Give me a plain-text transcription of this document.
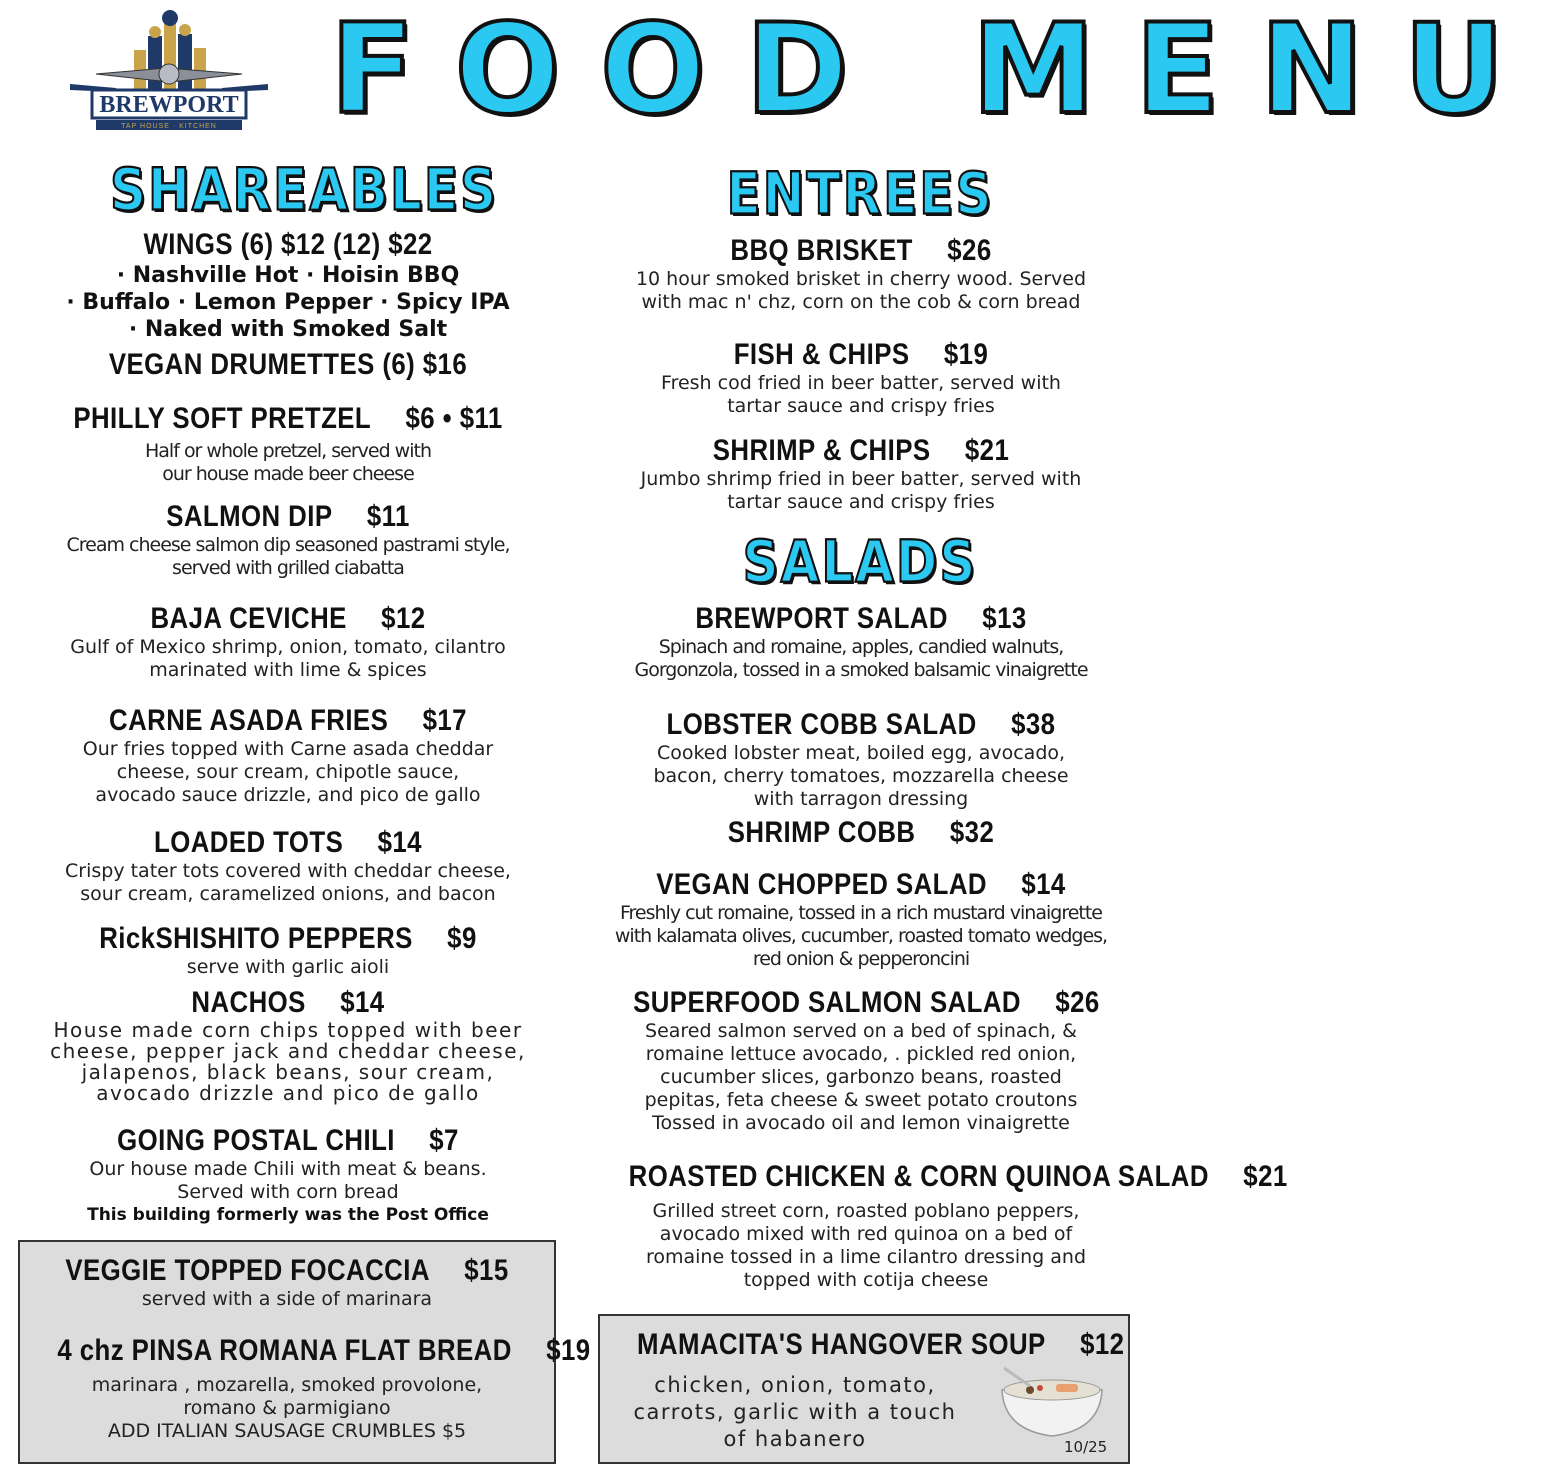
BREWPORT
TAP HOUSE · KITCHEN FOOD MENU
SHAREABLES
WINGS (6) $12 (12) $22
· Nashville Hot · Hoisin BBQ
· Buffalo · Lemon Pepper · Spicy IPA
· Naked with Smoked Salt
VEGAN DRUMETTES (6) $16
PHILLY SOFT PRETZEL $6 • $11
Half or whole pretzel, served with
our house made beer cheese
SALMON DIP $11
Cream cheese salmon dip seasoned pastrami style,
served with grilled ciabatta
BAJA CEVICHE $12
Gulf of Mexico shrimp, onion, tomato, cilantro
marinated with lime & spices
CARNE ASADA FRIES $17
Our fries topped with Carne asada cheddar
cheese, sour cream, chipotle sauce,
avocado sauce drizzle, and pico de gallo
LOADED TOTS $14
Crispy tater tots covered with cheddar cheese,
sour cream, caramelized onions, and bacon
RickSHISHITO PEPPERS $9
serve with garlic aioli
NACHOS $14
House made corn chips topped with beer
cheese, pepper jack and cheddar cheese,
jalapenos, black beans, sour cream,
avocado drizzle and pico de gallo
GOING POSTAL CHILI $7
Our house made Chili with meat & beans.
Served with corn bread
This building formerly was the Post Office
VEGGIE TOPPED FOCACCIA $15
served with a side of marinara
4 chz PINSA ROMANA FLAT BREAD $19
marinara , mozarella, smoked provolone,
romano & parmigiano
ADD ITALIAN SAUSAGE CRUMBLES $5
ENTREES
BBQ BRISKET $26
10 hour smoked brisket in cherry wood. Served
with mac n' chz, corn on the cob & corn bread
FISH & CHIPS $19
Fresh cod fried in beer batter, served with
tartar sauce and crispy fries
SHRIMP & CHIPS $21
Jumbo shrimp fried in beer batter, served with
tartar sauce and crispy fries
SALADS
BREWPORT SALAD $13
Spinach and romaine, apples, candied walnuts,
Gorgonzola, tossed in a smoked balsamic vinaigrette
LOBSTER COBB SALAD $38
Cooked lobster meat, boiled egg, avocado,
bacon, cherry tomatoes, mozzarella cheese
with tarragon dressing
SHRIMP COBB $32
VEGAN CHOPPED SALAD $14
Freshly cut romaine, tossed in a rich mustard vinaigrette
with kalamata olives, cucumber, roasted tomato wedges,
red onion & pepperoncini
SUPERFOOD SALMON SALAD $26
Seared salmon served on a bed of spinach, &
romaine lettuce avocado, . pickled red onion,
cucumber slices, garbonzo beans, roasted
pepitas, feta cheese & sweet potato croutons
Tossed in avocado oil and lemon vinaigrette
ROASTED CHICKEN & CORN QUINOA SALAD $21
Grilled street corn, roasted poblano peppers,
avocado mixed with red quinoa on a bed of
romaine tossed in a lime cilantro dressing and
topped with cotija cheese
MAMACITA'S HANGOVER SOUP $12
chicken, onion, tomato,
carrots, garlic with a touch
of habanero	10/25
